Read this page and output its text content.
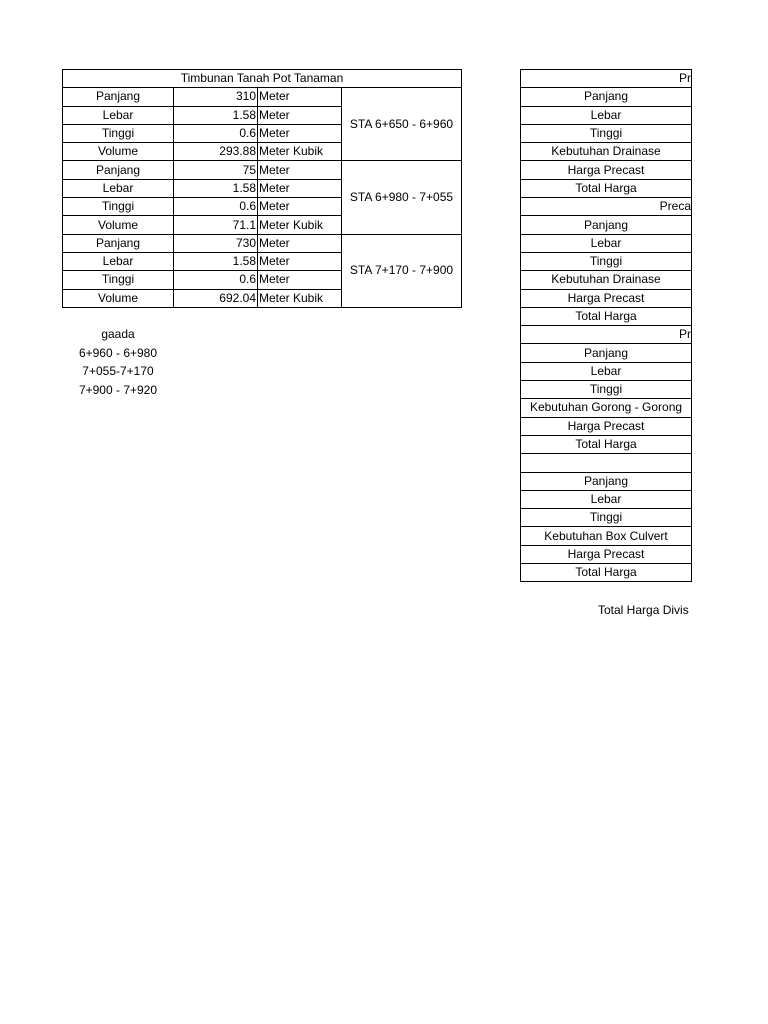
Timbunan Tanah Pot Tanaman			
Panjang	310	Meter	STA 6+650 - 6+960
Lebar	1.58	Meter	
Tinggi	0.6	Meter	
Volume	293.88	Meter Kubik	
Panjang	75	Meter	STA 6+980 - 7+055
Lebar	1.58	Meter	
Tinggi	0.6	Meter	
Volume	71.1	Meter Kubik	
Panjang	730	Meter	STA 7+170 - 7+900
Lebar	1.58	Meter	
Tinggi	0.6	Meter	
Volume	692.04	Meter Kubik	
gaada
6+960 - 6+980
7+055-7+170
7+900 - 7+920
Pr
Panjang
Lebar
Tinggi
Kebutuhan Drainase
Harga Precast
Total Harga
Preca
Panjang
Lebar
Tinggi
Kebutuhan Drainase
Harga Precast
Total Harga
Pr
Panjang
Lebar
Tinggi
Kebutuhan Gorong - Gorong
Harga Precast
Total Harga

Panjang
Lebar
Tinggi
Kebutuhan Box Culvert
Harga Precast
Total Harga
Total Harga Divis
